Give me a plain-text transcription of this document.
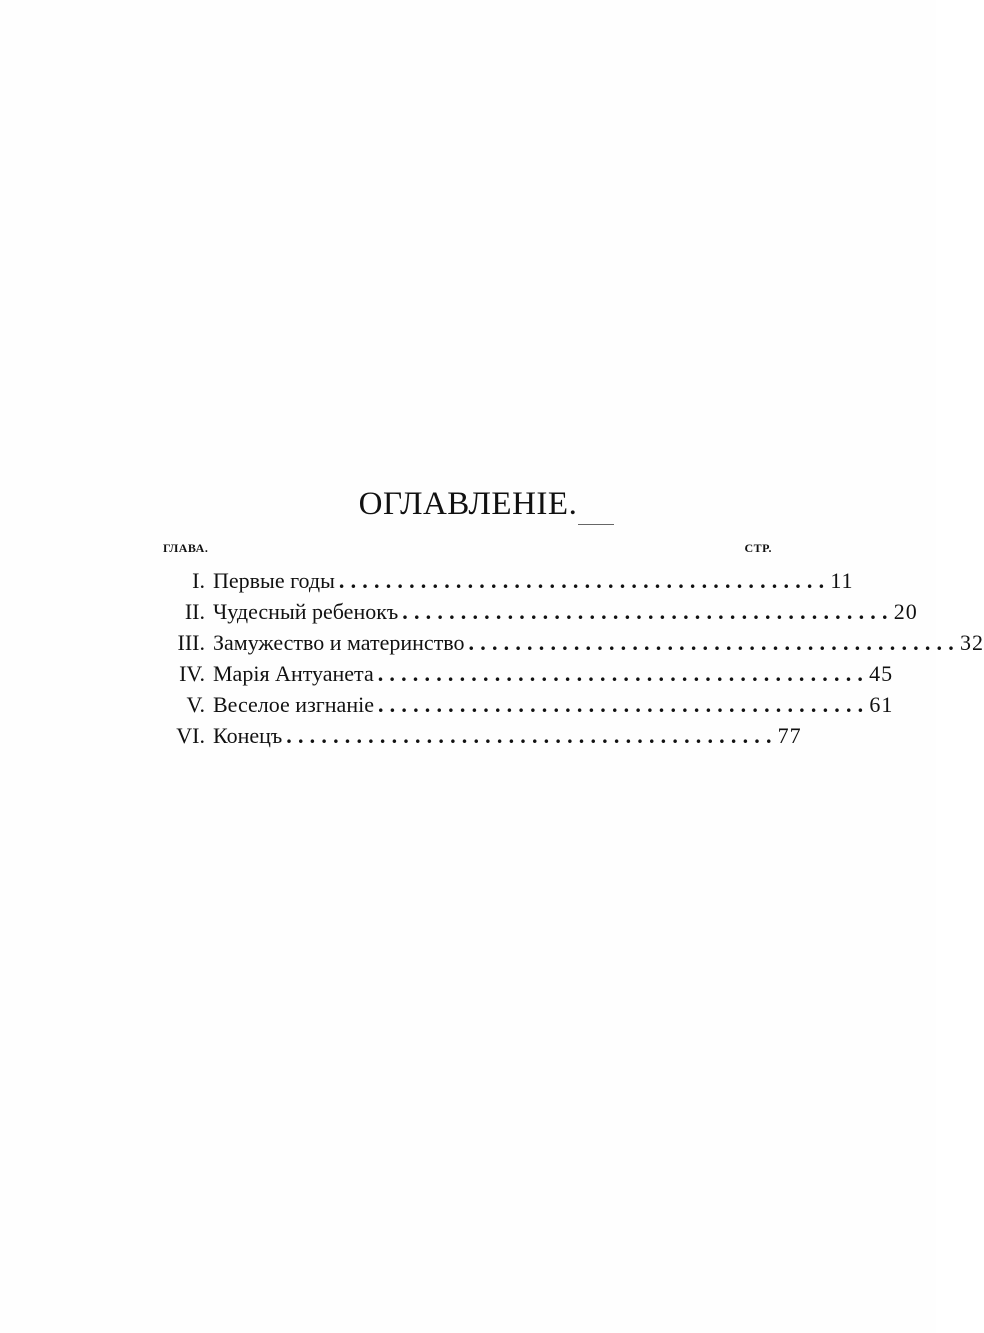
ОГЛАВЛЕНІЕ.
ГЛАВА.	СТР.
I. Первые годы .......................................... 11
II. Чудесный ребенокъ .......................................... 20
III. Замужество и материнство .......................................... 32
IV. Марія Антуанета .......................................... 45
V. Веселое изгнаніе .......................................... 61
VI. Конецъ .......................................... 77
